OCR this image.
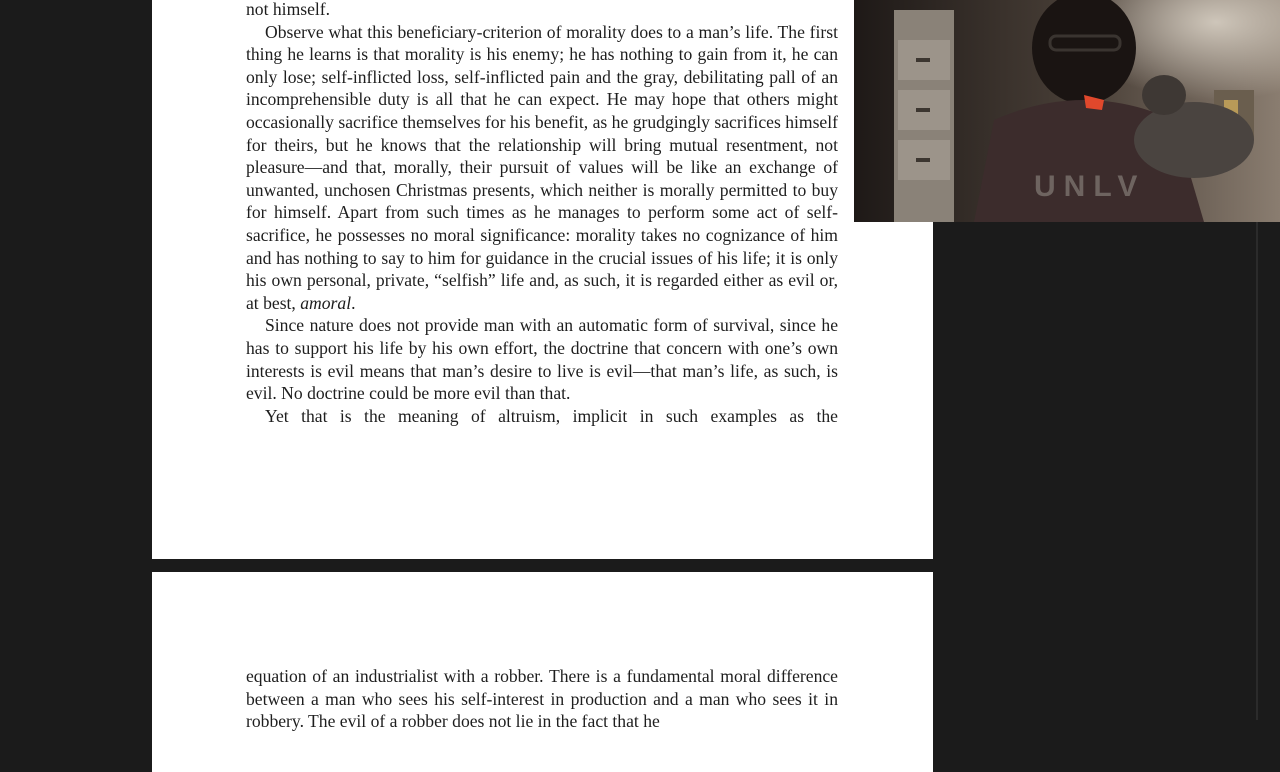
not himself.

Observe what this beneficiary-criterion of morality does to a man’s life. The first thing he learns is that morality is his enemy; he has nothing to gain from it, he can only lose; self-inflicted loss, self-inflicted pain and the gray, debilitating pall of an incomprehensible duty is all that he can expect. He may hope that others might occasionally sacrifice themselves for his benefit, as he grudgingly sacrifices himself for theirs, but he knows that the relationship will bring mutual resentment, not pleasure—and that, morally, their pursuit of values will be like an exchange of unwanted, unchosen Christmas presents, which neither is morally permitted to buy for himself. Apart from such times as he manages to perform some act of self-sacrifice, he possesses no moral significance: morality takes no cognizance of him and has nothing to say to him for guidance in the crucial issues of his life; it is only his own personal, private, “selfish” life and, as such, it is regarded either as evil or, at best, amoral.

Since nature does not provide man with an automatic form of survival, since he has to support his life by his own effort, the doctrine that concern with one’s own interests is evil means that man’s desire to live is evil—that man’s life, as such, is evil. No doctrine could be more evil than that.

Yet that is the meaning of altruism, implicit in such examples as the

equation of an industrialist with a robber. There is a fundamental moral difference between a man who sees his self-interest in production and a man who sees it in robbery. The evil of a robber does not lie in the fact that he

UNLV
